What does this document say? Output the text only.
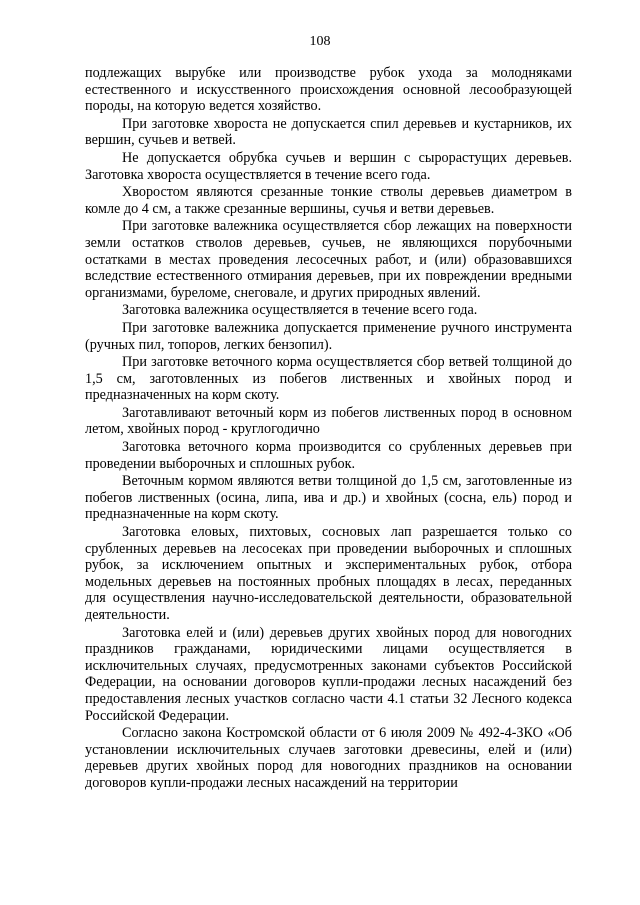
108

подлежащих вырубке или производстве рубок ухода за молодняками естественного и искусственного происхождения основной лесообразующей породы, на которую ведется хозяйство.

При заготовке хвороста не допускается спил деревьев и кустарников, их вершин, сучьев и ветвей.

Не допускается обрубка сучьев и вершин с сырорастущих деревьев. Заготовка хвороста осуществляется в течение всего года.

Хворостом являются срезанные тонкие стволы деревьев диаметром в комле до 4 см, а также срезанные вершины, сучья и ветви деревьев.

При заготовке валежника осуществляется сбор лежащих на поверхности земли остатков стволов деревьев, сучьев, не являющихся порубочными остатками в местах проведения лесосечных работ, и (или) образовавшихся вследствие естественного отмирания деревьев, при их повреждении вредными организмами, буреломе, снеговале, и других природных явлений.

Заготовка валежника осуществляется в течение всего года.

При заготовке валежника допускается применение ручного инструмента (ручных пил, топоров, легких бензопил).

При заготовке веточного корма осуществляется сбор ветвей толщиной до 1,5 см, заготовленных из побегов лиственных и хвойных пород и предназначенных на корм скоту.

Заготавливают веточный корм из побегов лиственных пород в основном летом, хвойных пород - круглогодично

Заготовка веточного корма производится со срубленных деревьев при проведении выборочных и сплошных рубок.

Веточным кормом являются ветви толщиной до 1,5 см, заготовленные из побегов лиственных (осина, липа, ива и др.) и хвойных (сосна, ель) пород и предназначенные на корм скоту.

Заготовка еловых, пихтовых, сосновых лап разрешается только со срубленных деревьев на лесосеках при проведении выборочных и сплошных рубок, за исключением опытных и экспериментальных рубок, отбора модельных деревьев на постоянных пробных площадях в лесах, переданных для осуществления научно-исследовательской деятельности, образовательной деятельности.

Заготовка елей и (или) деревьев других хвойных пород для новогодних праздников гражданами, юридическими лицами осуществляется в исключительных случаях, предусмотренных законами субъектов Российской Федерации, на основании договоров купли-продажи лесных насаждений без предоставления лесных участков согласно части 4.1 статьи 32 Лесного кодекса Российской Федерации.

Согласно закона Костромской области от 6 июля 2009 № 492-4-ЗКО «Об установлении исключительных случаев заготовки древесины, елей и (или) деревьев других хвойных пород для новогодних праздников на основании договоров купли-продажи лесных насаждений на территории
